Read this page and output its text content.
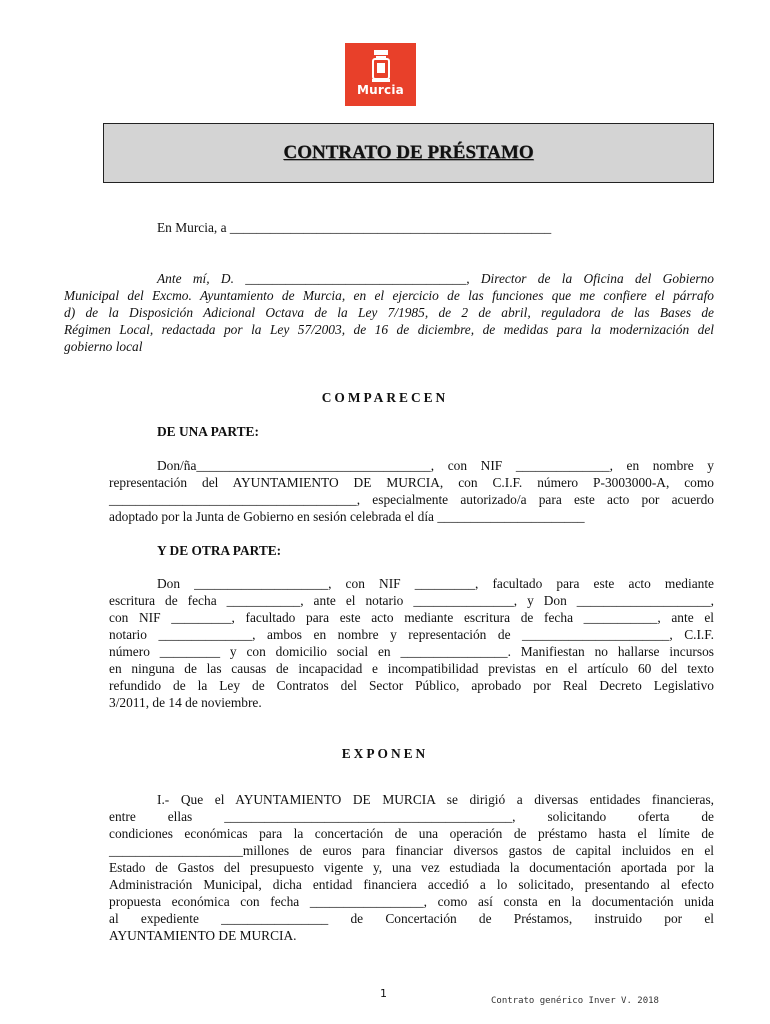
Murcia
CONTRATO DE PRÉSTAMO
En Murcia, a ________________________________________________
Ante mí, D. _________________________________, Director de la Oficina del Gobierno
Municipal del Excmo. Ayuntamiento de Murcia, en el ejercicio de las funciones que me confiere el párrafo
d) de la Disposición Adicional Octava de la Ley 7/1985, de 2 de abril, reguladora de las Bases de
Régimen Local, redactada por la Ley 57/2003, de 16 de diciembre, de medidas para la modernización del
gobierno local
COMPARECEN
DE UNA PARTE:
Don/ña___________________________________, con NIF ______________, en nombre y
representación del AYUNTAMIENTO DE MURCIA, con C.I.F. número P-3003000-A, como
_____________________________________, especialmente autorizado/a para este acto por acuerdo
adoptado por la Junta de Gobierno en sesión celebrada el día ______________________
Y DE OTRA PARTE:
Don ____________________, con NIF _________, facultado para este acto mediante
escritura de fecha ___________, ante el notario _______________, y Don ____________________,
con NIF _________, facultado para este acto mediante escritura de fecha ___________, ante el
notario ______________, ambos en nombre y representación de ______________________, C.I.F.
número _________ y con domicilio social en ________________. Manifiestan no hallarse incursos
en ninguna de las causas de incapacidad e incompatibilidad previstas en el artículo 60 del texto
refundido de la Ley de Contratos del Sector Público, aprobado por Real Decreto Legislativo
3/2011, de 14 de noviembre.
EXPONEN
I.- Que el AYUNTAMIENTO DE MURCIA se dirigió a diversas entidades financieras,
entre ellas ___________________________________________, solicitando oferta de
condiciones económicas para la concertación de una operación de préstamo hasta el límite de
____________________millones de euros para financiar diversos gastos de capital incluidos en el
Estado de Gastos del presupuesto vigente y, una vez estudiada la documentación aportada por la
Administración Municipal, dicha entidad financiera accedió a lo solicitado, presentando al efecto
propuesta económica con fecha _________________, como así consta en la documentación unida
al expediente ________________ de Concertación de Préstamos, instruido por el
AYUNTAMIENTO DE MURCIA.
1
Contrato genérico Inver V. 2018
